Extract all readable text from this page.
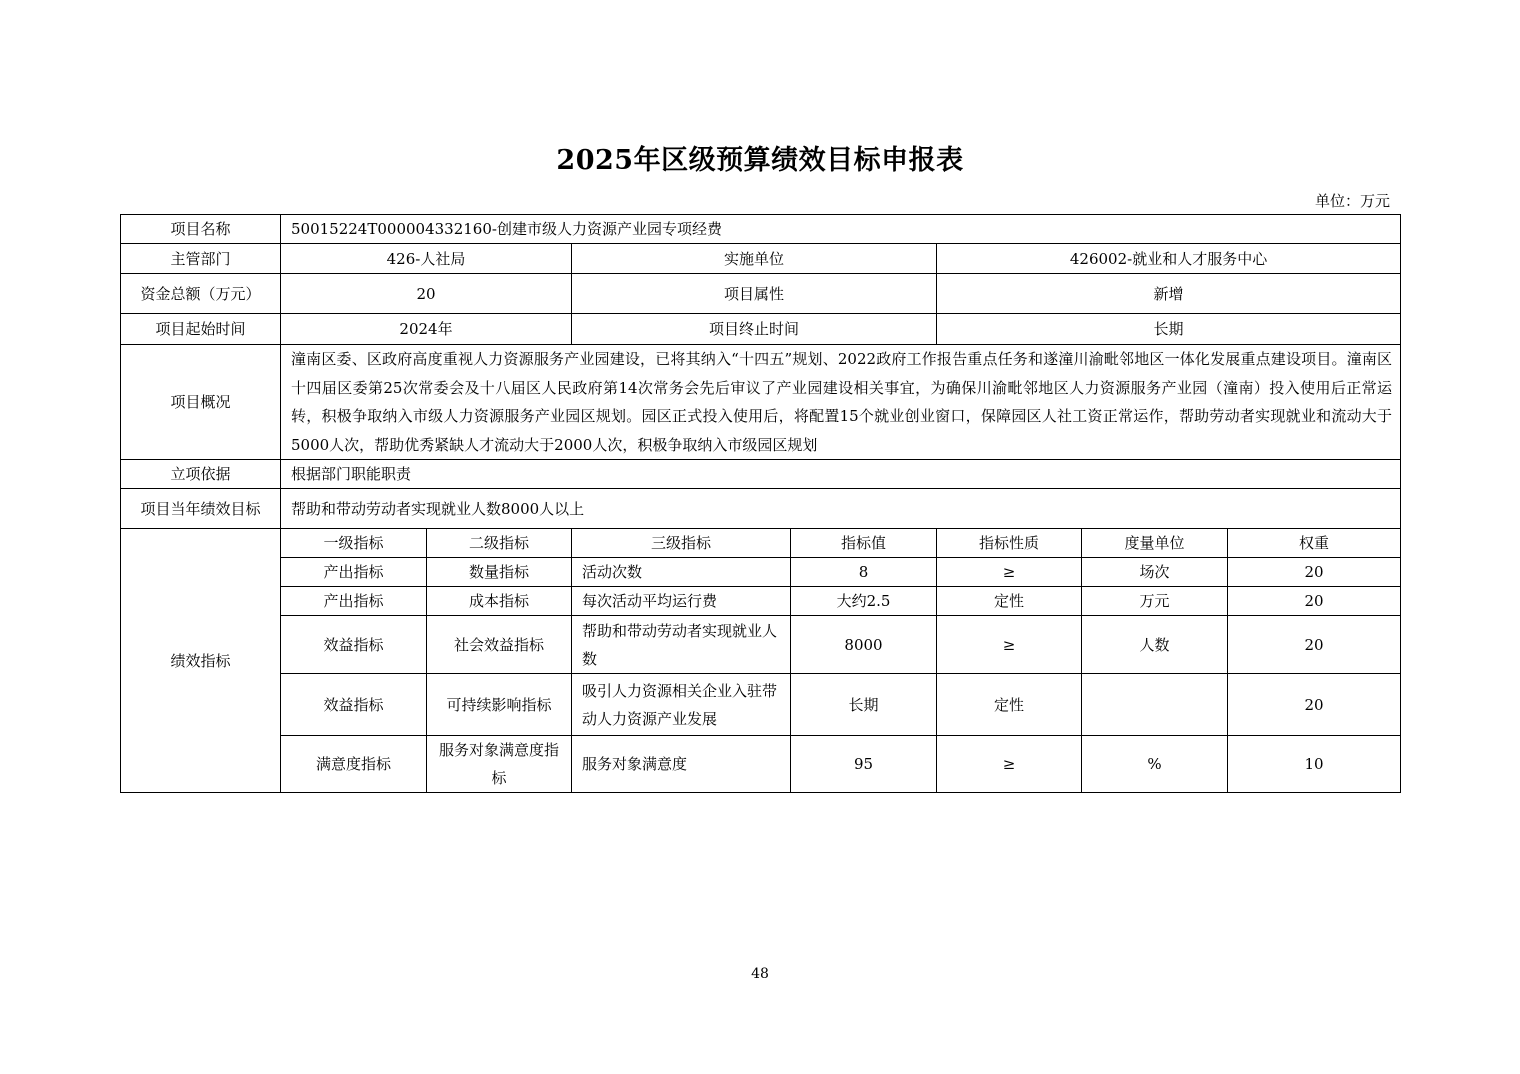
2025年区级预算绩效目标申报表
单位：万元
项目名称	50015224T000004332160-创建市级人力资源产业园专项经费						
主管部门	426-人社局		实施单位		426002-就业和人才服务中心		
资金总额（万元）	20		项目属性		新增		
项目起始时间	2024年		项目终止时间		长期		
项目概况	潼南区委、区政府高度重视人力资源服务产业园建设，已将其纳入“十四五”规划、2022政府工作报告重点任务和遂潼川渝毗邻地区一体化发展重点建设项目。潼南区十四届区委第25次常委会及十八届区人民政府第14次常务会先后审议了产业园建设相关事宜，为确保川渝毗邻地区人力资源服务产业园（潼南）投入使用后正常运转，积极争取纳入市级人力资源服务产业园区规划。园区正式投入使用后，将配置15个就业创业窗口，保障园区人社工资正常运作，帮助劳动者实现就业和流动大于5000人次，帮助优秀紧缺人才流动大于2000人次，积极争取纳入市级园区规划						
立项依据	根据部门职能职责						
项目当年绩效目标	帮助和带动劳动者实现就业人数8000人以上						
绩效指标	一级指标	二级指标	三级指标	指标值	指标性质	度量单位	权重
	产出指标	数量指标	活动次数	8	≥	场次	20
	产出指标	成本指标	每次活动平均运行费	大约2.5	定性	万元	20
	效益指标	社会效益指标	帮助和带动劳动者实现就业人数	8000	≥	人数	20
	效益指标	可持续影响指标	吸引人力资源相关企业入驻带动人力资源产业发展	长期	定性		20
	满意度指标	服务对象满意度指标	服务对象满意度	95	≥	%	10
48
